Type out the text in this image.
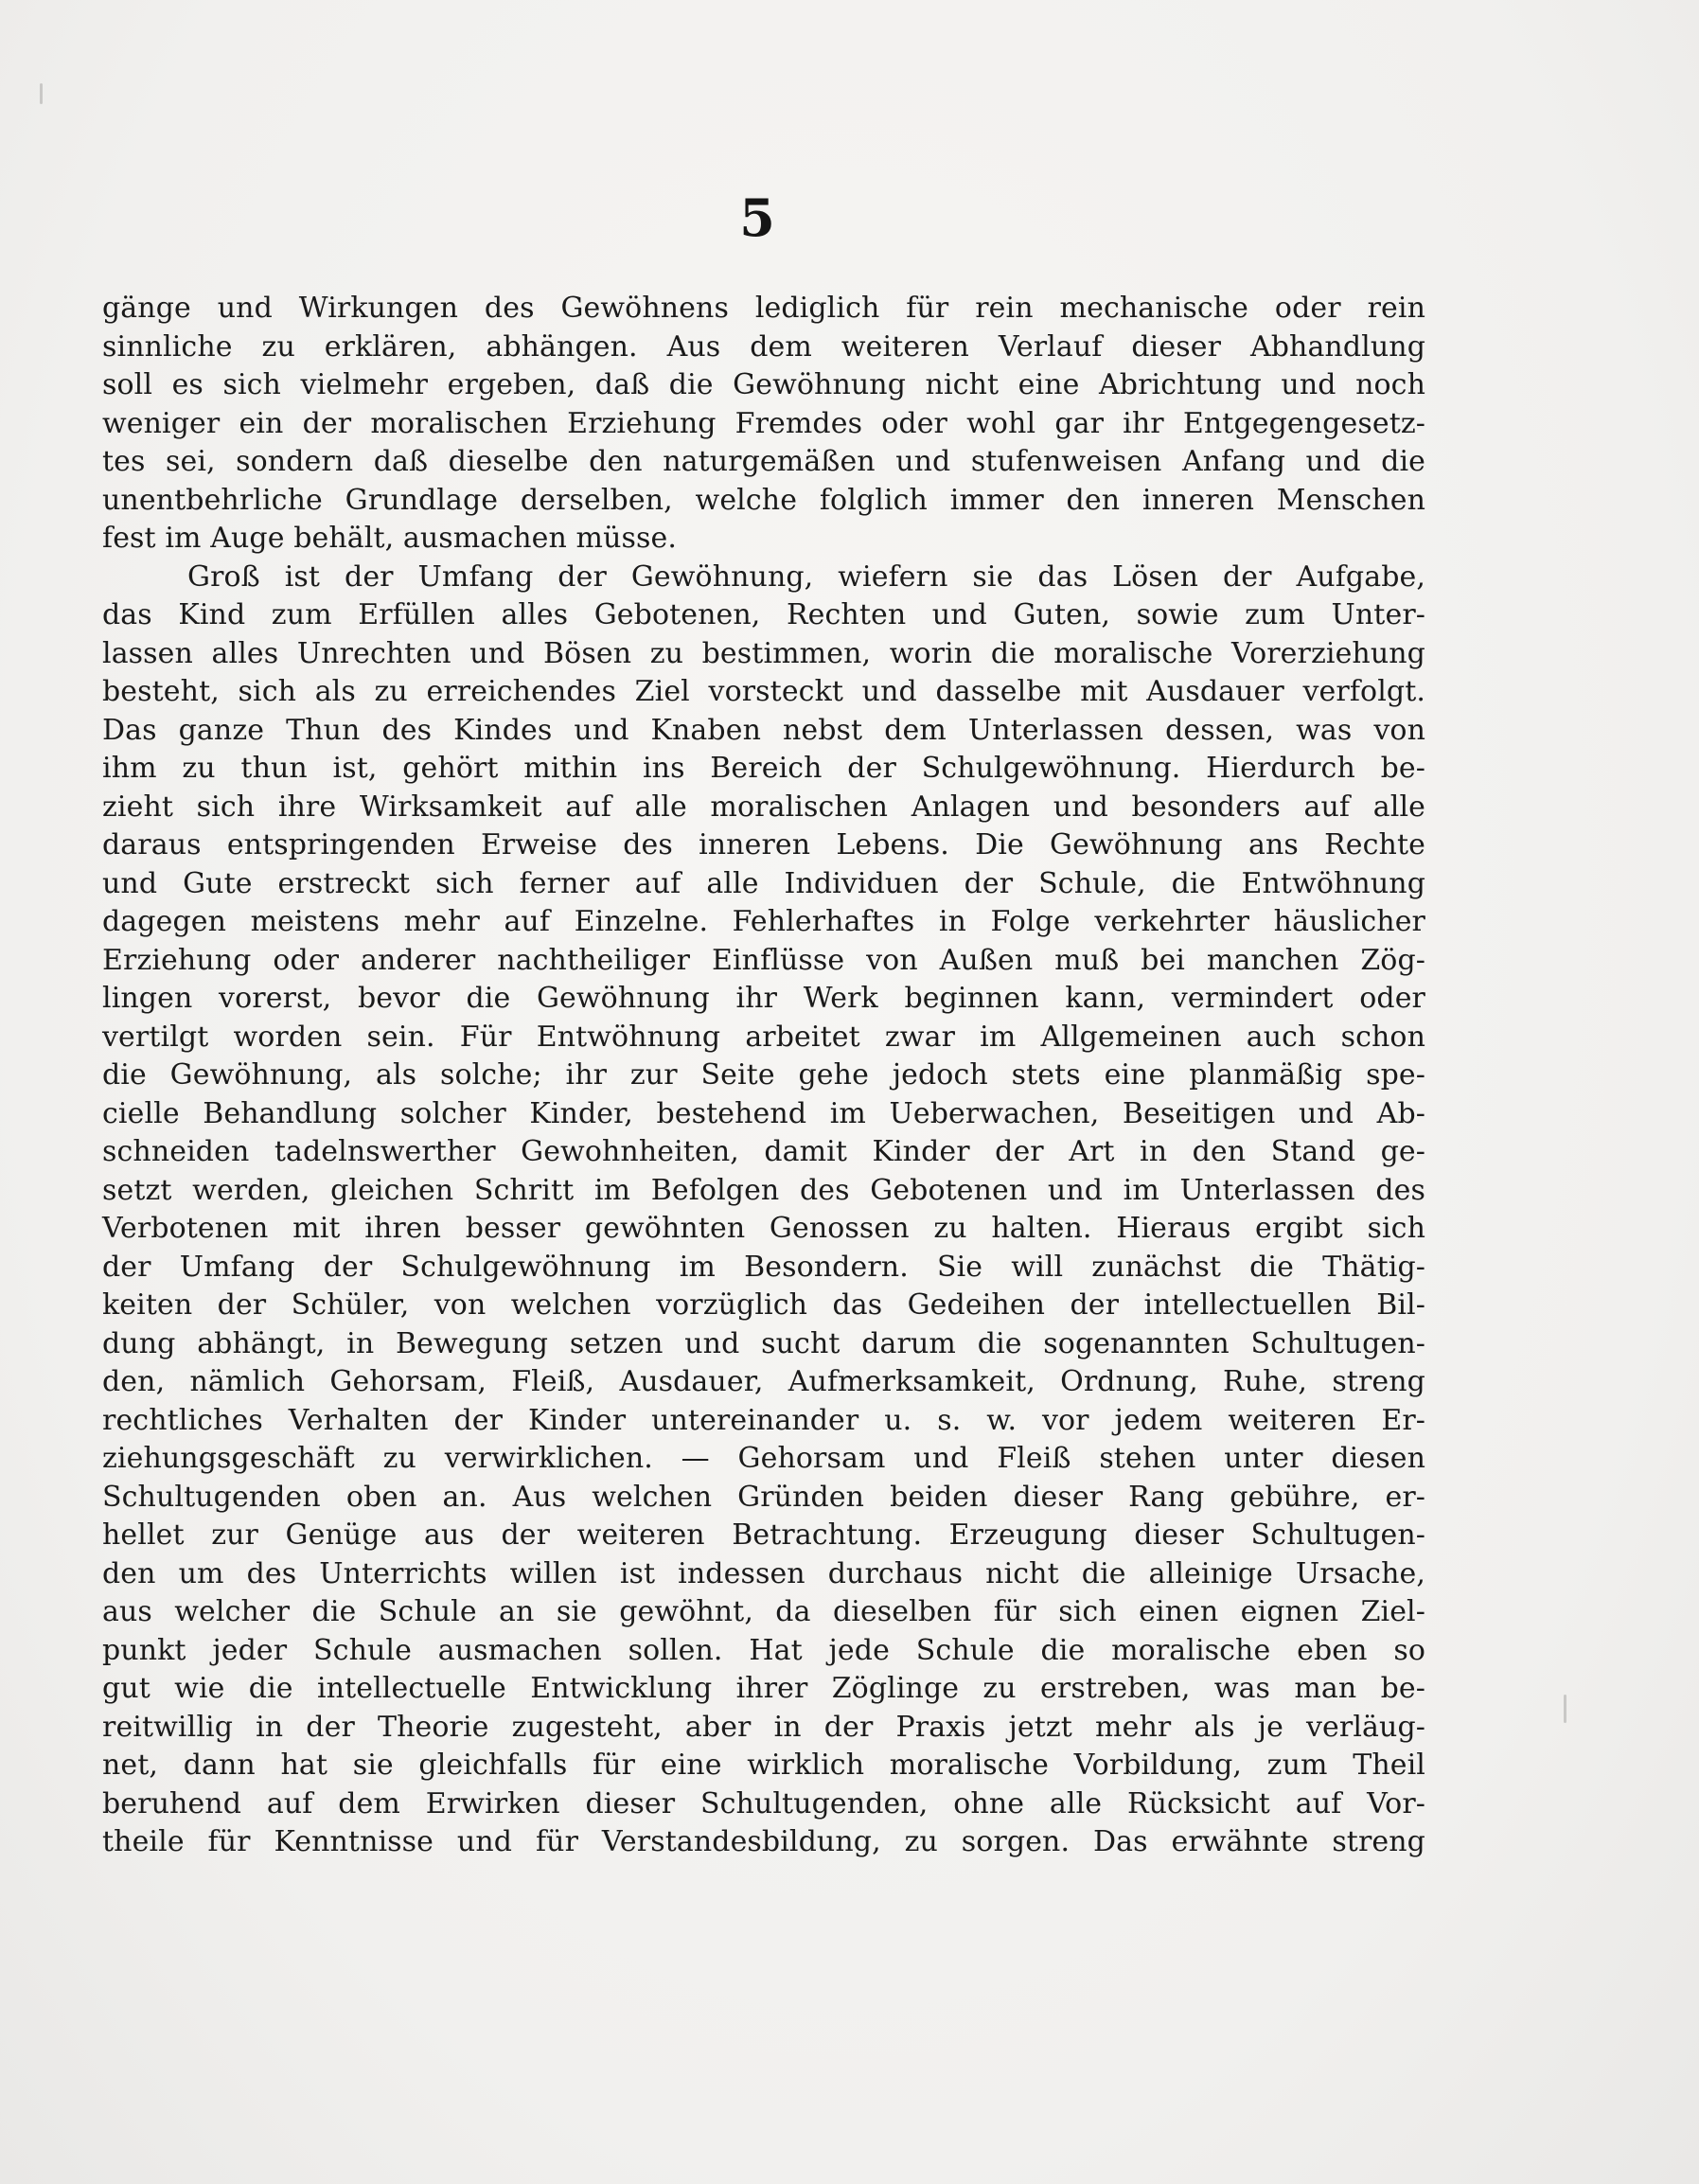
5
gänge und Wirkungen des Gewöhnens lediglich für rein mechanische oder rein
sinnliche zu erklären, abhängen. Aus dem weiteren Verlauf dieser Abhandlung
soll es sich vielmehr ergeben, daß die Gewöhnung nicht eine Abrichtung und noch
weniger ein der moralischen Erziehung Fremdes oder wohl gar ihr Entgegengesetz-
tes sei, sondern daß dieselbe den naturgemäßen und stufenweisen Anfang und die
unentbehrliche Grundlage derselben, welche folglich immer den inneren Menschen
fest im Auge behält, ausmachen müsse.
Groß ist der Umfang der Gewöhnung, wiefern sie das Lösen der Aufgabe,
das Kind zum Erfüllen alles Gebotenen, Rechten und Guten, sowie zum Unter-
lassen alles Unrechten und Bösen zu bestimmen, worin die moralische Vorerziehung
besteht, sich als zu erreichendes Ziel vorsteckt und dasselbe mit Ausdauer verfolgt.
Das ganze Thun des Kindes und Knaben nebst dem Unterlassen dessen, was von
ihm zu thun ist, gehört mithin ins Bereich der Schulgewöhnung. Hierdurch be-
zieht sich ihre Wirksamkeit auf alle moralischen Anlagen und besonders auf alle
daraus entspringenden Erweise des inneren Lebens. Die Gewöhnung ans Rechte
und Gute erstreckt sich ferner auf alle Individuen der Schule, die Entwöhnung
dagegen meistens mehr auf Einzelne. Fehlerhaftes in Folge verkehrter häuslicher
Erziehung oder anderer nachtheiliger Einflüsse von Außen muß bei manchen Zög-
lingen vorerst, bevor die Gewöhnung ihr Werk beginnen kann, vermindert oder
vertilgt worden sein. Für Entwöhnung arbeitet zwar im Allgemeinen auch schon
die Gewöhnung, als solche; ihr zur Seite gehe jedoch stets eine planmäßig spe-
cielle Behandlung solcher Kinder, bestehend im Ueberwachen, Beseitigen und Ab-
schneiden tadelnswerther Gewohnheiten, damit Kinder der Art in den Stand ge-
setzt werden, gleichen Schritt im Befolgen des Gebotenen und im Unterlassen des
Verbotenen mit ihren besser gewöhnten Genossen zu halten. Hieraus ergibt sich
der Umfang der Schulgewöhnung im Besondern. Sie will zunächst die Thätig-
keiten der Schüler, von welchen vorzüglich das Gedeihen der intellectuellen Bil-
dung abhängt, in Bewegung setzen und sucht darum die sogenannten Schultugen-
den, nämlich Gehorsam, Fleiß, Ausdauer, Aufmerksamkeit, Ordnung, Ruhe, streng
rechtliches Verhalten der Kinder untereinander u. s. w. vor jedem weiteren Er-
ziehungsgeschäft zu verwirklichen. — Gehorsam und Fleiß stehen unter diesen
Schultugenden oben an. Aus welchen Gründen beiden dieser Rang gebühre, er-
hellet zur Genüge aus der weiteren Betrachtung. Erzeugung dieser Schultugen-
den um des Unterrichts willen ist indessen durchaus nicht die alleinige Ursache,
aus welcher die Schule an sie gewöhnt, da dieselben für sich einen eignen Ziel-
punkt jeder Schule ausmachen sollen. Hat jede Schule die moralische eben so
gut wie die intellectuelle Entwicklung ihrer Zöglinge zu erstreben, was man be-
reitwillig in der Theorie zugesteht, aber in der Praxis jetzt mehr als je verläug-
net, dann hat sie gleichfalls für eine wirklich moralische Vorbildung, zum Theil
beruhend auf dem Erwirken dieser Schultugenden, ohne alle Rücksicht auf Vor-
theile für Kenntnisse und für Verstandesbildung, zu sorgen. Das erwähnte streng
